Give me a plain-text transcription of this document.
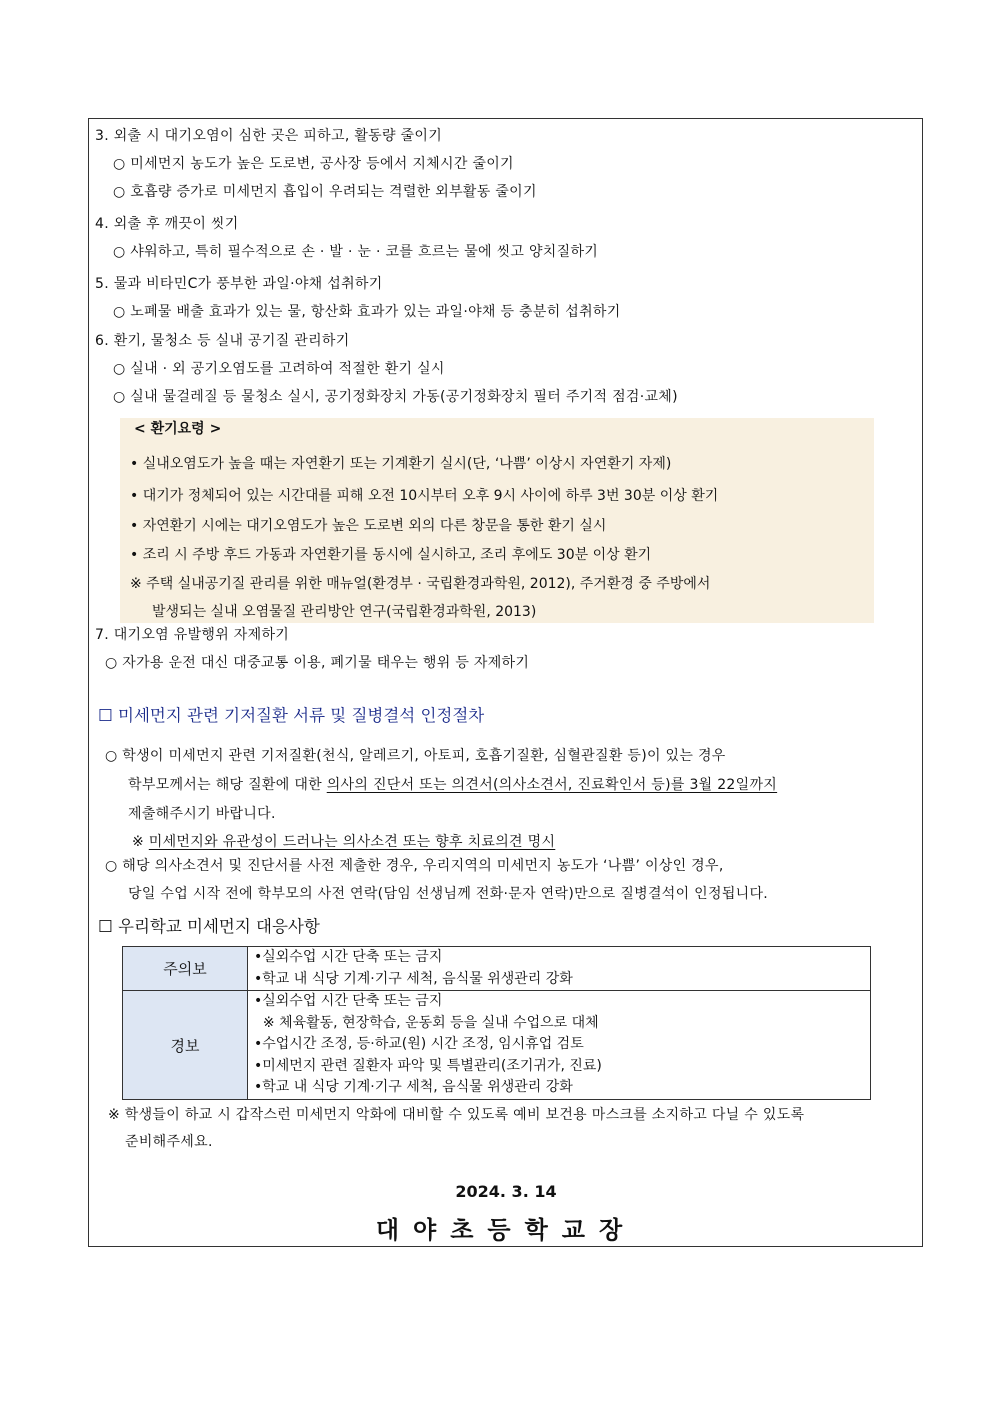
3. 외출 시 대기오염이 심한 곳은 피하고, 활동량 줄이기
○ 미세먼지 농도가 높은 도로변, 공사장 등에서 지체시간 줄이기
○ 호흡량 증가로 미세먼지 흡입이 우려되는 격렬한 외부활동 줄이기
4. 외출 후 깨끗이 씻기
○ 샤워하고, 특히 필수적으로 손 · 발 · 눈 · 코를 흐르는 물에 씻고 양치질하기
5. 물과 비타민C가 풍부한 과일·야채 섭취하기
○ 노폐물 배출 효과가 있는 물, 항산화 효과가 있는 과일·야채 등 충분히 섭취하기
6. 환기, 물청소 등 실내 공기질 관리하기
○ 실내 · 외 공기오염도를 고려하여 적절한 환기 실시
○ 실내 물걸레질 등 물청소 실시, 공기정화장치 가동(공기정화장치 필터 주기적 점검·교체)
< 환기요령 >
• 실내오염도가 높을 때는 자연환기 또는 기계환기 실시(단, ‘나쁨’ 이상시 자연환기 자제)
• 대기가 정체되어 있는 시간대를 피해 오전 10시부터 오후 9시 사이에 하루 3번 30분 이상 환기
• 자연환기 시에는 대기오염도가 높은 도로변 외의 다른 창문을 통한 환기 실시
• 조리 시 주방 후드 가동과 자연환기를 동시에 실시하고, 조리 후에도 30분 이상 환기
※ 주택 실내공기질 관리를 위한 매뉴얼(환경부 · 국립환경과학원, 2012), 주거환경 중 주방에서
발생되는 실내 오염물질 관리방안 연구(국립환경과학원, 2013)
7. 대기오염 유발행위 자제하기
○ 자가용 운전 대신 대중교통 이용, 폐기물 태우는 행위 등 자제하기
☐ 미세먼지 관련 기저질환 서류 및 질병결석 인정절차
○ 학생이 미세먼지 관련 기저질환(천식, 알레르기, 아토피, 호흡기질환, 심혈관질환 등)이 있는 경우
학부모께서는 해당 질환에 대한 의사의 진단서 또는 의견서(의사소견서, 진료확인서 등)를 3월 22일까지
제출해주시기 바랍니다.
※ 미세먼지와 유관성이 드러나는 의사소견 또는 향후 치료의견 명시
○ 해당 의사소견서 및 진단서를 사전 제출한 경우, 우리지역의 미세먼지 농도가 ‘나쁨’ 이상인 경우,
당일 수업 시작 전에 학부모의 사전 연락(담임 선생님께 전화·문자 연락)만으로 질병결석이 인정됩니다.
☐ 우리학교 미세먼지 대응사항
주의보	•실외수업 시간 단축 또는 금지
•학교 내 식당 기계·기구 세척, 음식물 위생관리 강화

경보	•실외수업 시간 단축 또는 금지
※ 체육활동, 현장학습, 운동회 등을 실내 수업으로 대체
•수업시간 조정, 등·하교(원) 시간 조정, 임시휴업 검토
•미세먼지 관련 질환자 파악 및 특별관리(조기귀가, 진료)
•학교 내 식당 기계·기구 세척, 음식물 위생관리 강화
※ 학생들이 하교 시 갑작스런 미세먼지 악화에 대비할 수 있도록 예비 보건용 마스크를 소지하고 다닐 수 있도록
준비해주세요.
2024. 3. 14
대야초등학교장
